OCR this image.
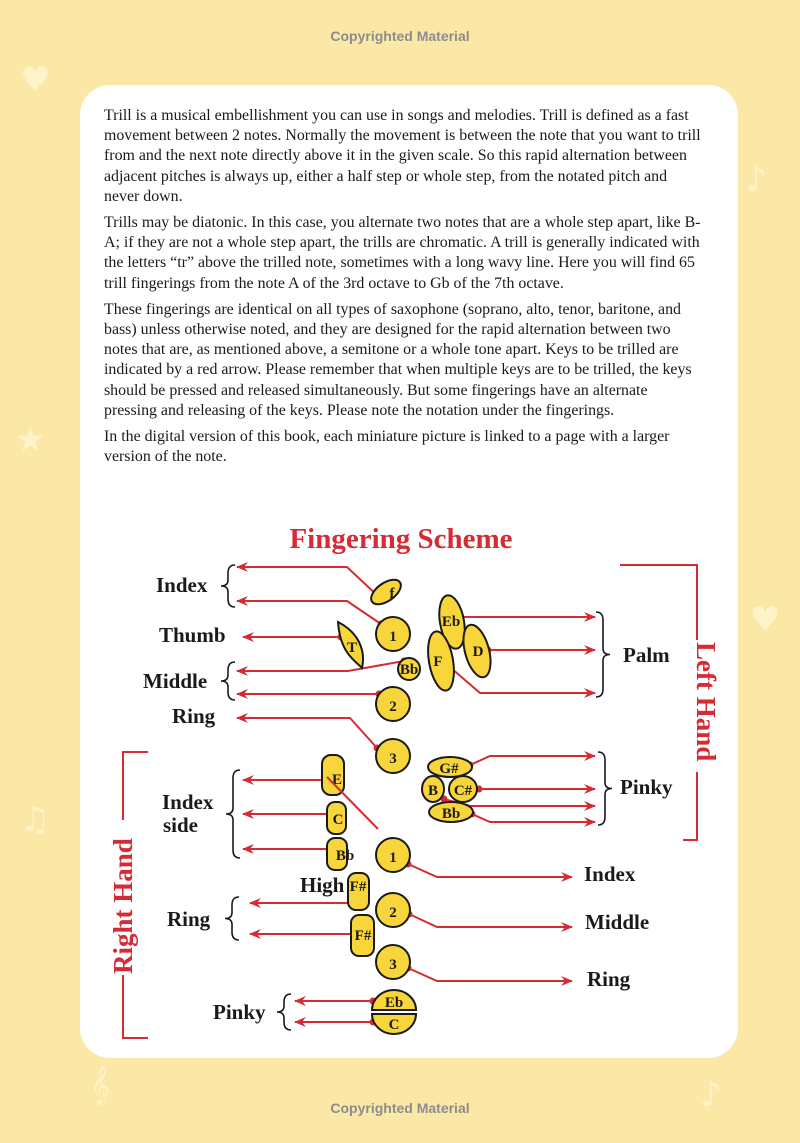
♥
♪
★
♥
♫
𝄞	♪
Copyrighted Material

Trill is a musical embellishment you can use in songs and melodies. Trill is defined as a fast movement between 2 notes. Normally the movement is between the note that you want to trill from and the next note directly above it in the given scale. So this rapid alternation between adjacent pitches is always up, either a half step or whole step, from the notated pitch and never down.

Trills may be diatonic. In this case, you alternate two notes that are a whole step apart, like B-A; if they are not a whole step apart, the trills are chromatic. A trill is generally indicated with the letters “tr” above the trilled note, sometimes with a long wavy line. Here you will find 65 trill fingerings from the note A of the 3rd octave to Gb of the 7th octave.

These fingerings are identical on all types of saxophone (soprano, alto, tenor, baritone, and bass) unless otherwise noted, and they are designed for the rapid alternation between two notes that are, as mentioned above, a semitone or a whole tone apart. Keys to be trilled are indicated by a red arrow. Please remember that when multiple keys are to be trilled, the keys should be pressed and released simultaneously. But some fingerings have an alternate pressing and releasing of the keys. Please note the notation under the fingerings.

In the digital version of this book, each miniature picture is linked to a page with a larger version of the note.

Fingering Scheme
Left Hand
Right Hand
f
1
T
Bb
2
3
Eb
D
F
G#
B C#
Bb
E
C
Bb
F#
F#
1
2
3
Eb
C
Index
Thumb
Middle
Ring
Palm
Pinky
Index
side
High
Ring
Pinky
Index
Middle
Ring
Copyrighted Material
